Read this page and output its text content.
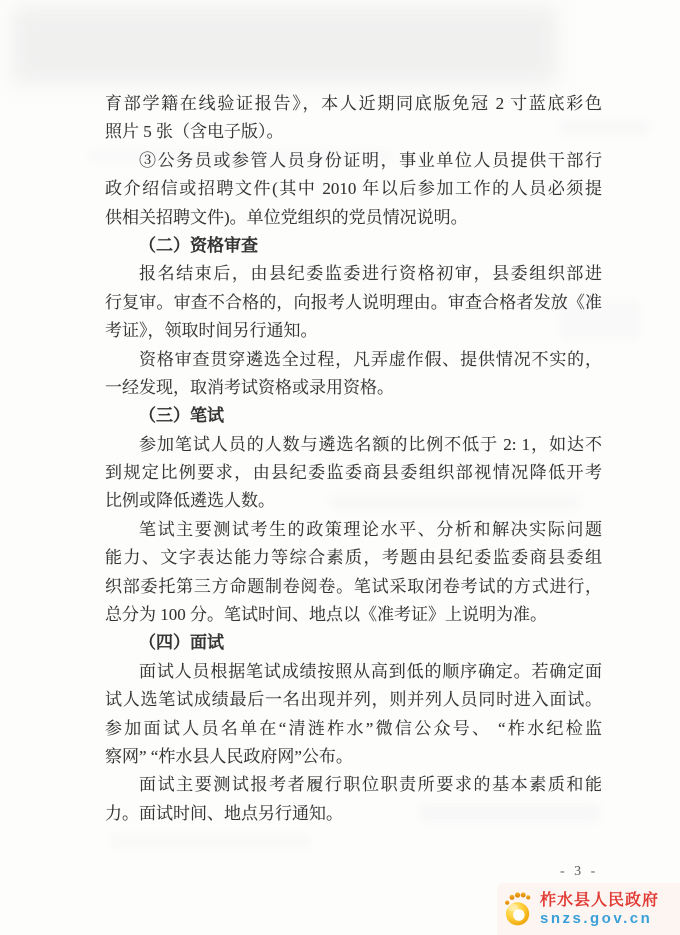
育部学籍在线验证报告》，本人近期同底版免冠 2 寸蓝底彩色
照片 5 张（含电子版）。
③公务员或参管人员身份证明，事业单位人员提供干部行
政介绍信或招聘文件(其中 2010 年以后参加工作的人员必须提
供相关招聘文件)。单位党组织的党员情况说明。
（二）资格审查
报名结束后，由县纪委监委进行资格初审，县委组织部进
行复审。审查不合格的，向报考人说明理由。审查合格者发放《准
考证》，领取时间另行通知。
资格审查贯穿遴选全过程，凡弄虚作假、提供情况不实的，
一经发现，取消考试资格或录用资格。
（三）笔试
参加笔试人员的人数与遴选名额的比例不低于 2: 1，如达不
到规定比例要求，由县纪委监委商县委组织部视情况降低开考
比例或降低遴选人数。
笔试主要测试考生的政策理论水平、分析和解决实际问题
能力、文字表达能力等综合素质，考题由县纪委监委商县委组
织部委托第三方命题制卷阅卷。笔试采取闭卷考试的方式进行，
总分为 100 分。笔试时间、地点以《准考证》上说明为准。
（四）面试
面试人员根据笔试成绩按照从高到低的顺序确定。若确定面
试人选笔试成绩最后一名出现并列，则并列人员同时进入面试。
参加面试人员名单在“清涟柞水”微信公众号、 “柞水纪检监
察网” “柞水县人民政府网”公布。
面试主要测试报考者履行职位职责所要求的基本素质和能
力。面试时间、地点另行通知。
- 3 -
柞水县人民政府
snzs.gov.cn
